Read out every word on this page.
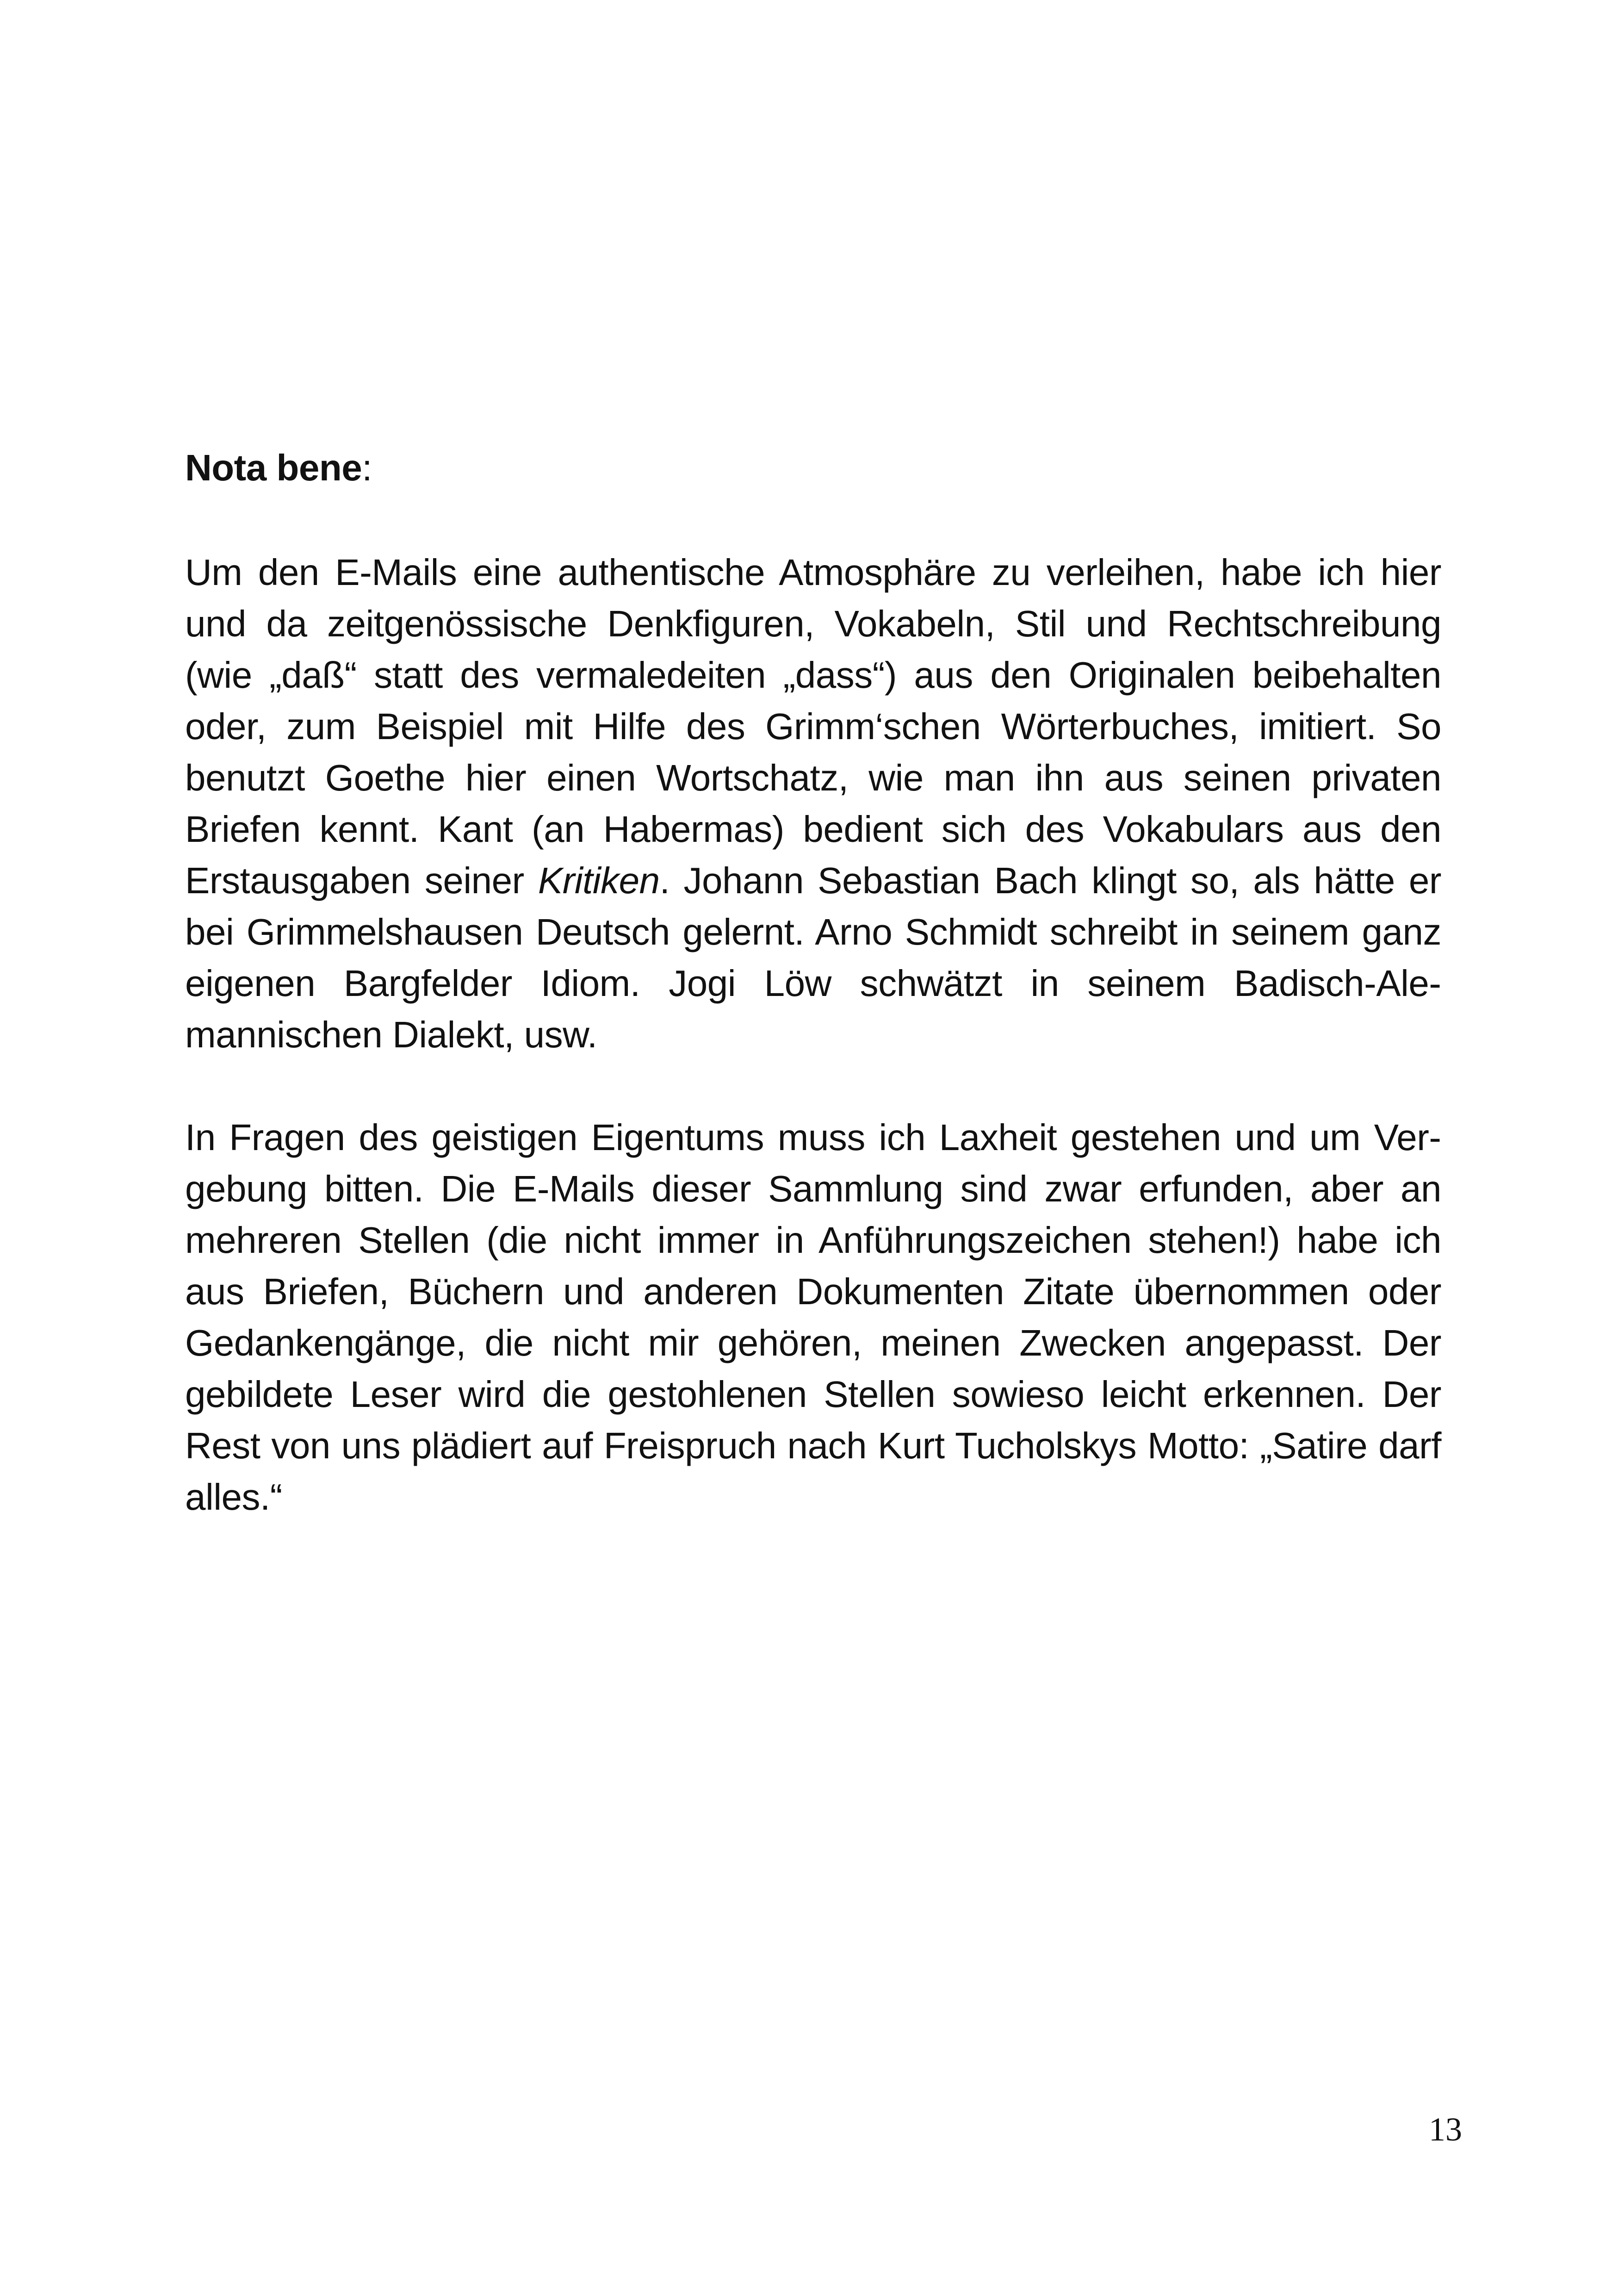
Nota bene:

Um den E-Mails eine authentische Atmosphäre zu verleihen, habe ich hier und da zeitgenössische Denkfiguren, Vokabeln, Stil und Rechtschreibung (wie „daß“ statt des vermaledeiten „dass“) aus den Originalen beibehalten oder, zum Beispiel mit Hilfe des Grimm‘schen Wörterbuches, imitiert. So benutzt Goethe hier einen Wortschatz, wie man ihn aus seinen privaten Briefen kennt. Kant (an Habermas) bedient sich des Vokabulars aus den Erstausgaben seiner Kritiken. Johann Sebastian Bach klingt so, als hätte er bei Grimmelshausen Deutsch gelernt. Arno Schmidt schreibt in seinem ganz eigenen Bargfelder Idiom. Jogi Löw schwätzt in seinem Badisch-Alemannischen Dialekt, usw.

In Fragen des geistigen Eigentums muss ich Laxheit gestehen und um Vergebung bitten. Die E-Mails dieser Sammlung sind zwar erfunden, aber an mehreren Stellen (die nicht immer in Anführungszeichen stehen!) habe ich aus Briefen, Büchern und anderen Dokumenten Zitate übernommen oder Gedankengänge, die nicht mir gehören, meinen Zwecken angepasst. Der gebildete Leser wird die gestohlenen Stellen sowieso leicht erkennen. Der Rest von uns plädiert auf Freispruch nach Kurt Tucholskys Motto: „Satire darf alles.“

13
